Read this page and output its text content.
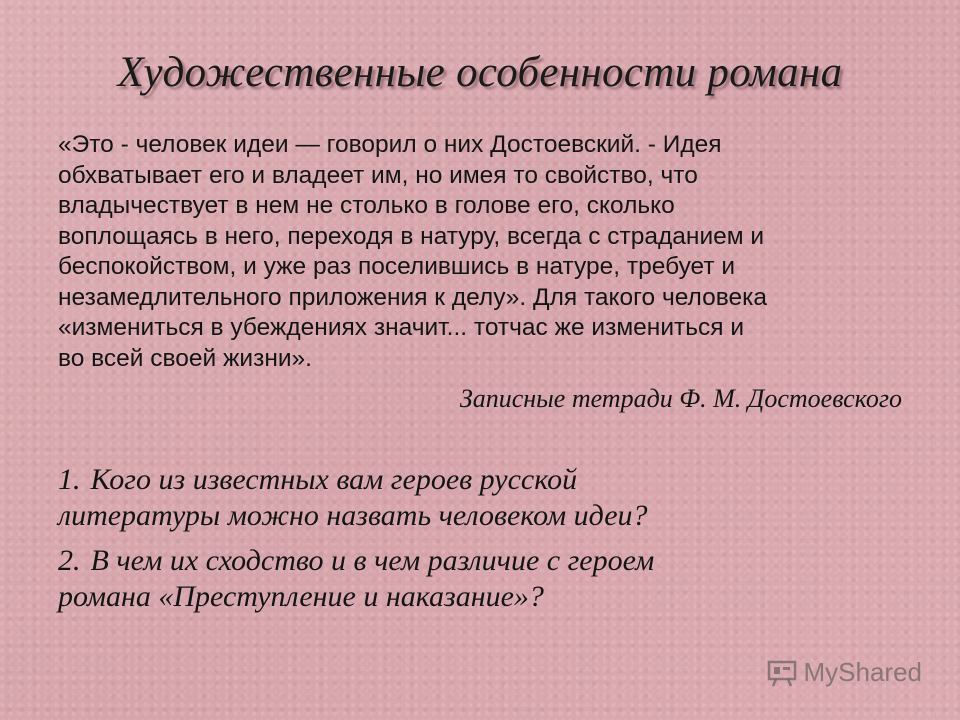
Художественные особенности романа
«Это - человек идеи — говорил о них Достоевский. - Идея
обхватывает его и владеет им, но имея то свойство, что
владычествует в нем не столько в голове его, сколько
воплощаясь в него, переходя в натуру, всегда с страданием и
беспокойством, и уже раз поселившись в натуре, требует и
незамедлительного приложения к делу». Для такого человека
«измениться в убеждениях значит... тотчас же измениться и
во всей своей жизни».
Записные тетради Ф. М. Достоевского
1. Кого из известных вам героев русской
литературы можно назвать человеком идеи?
2. В чем их сходство и в чем различие с героем
романа «Преступление и наказание»?
MyShared
